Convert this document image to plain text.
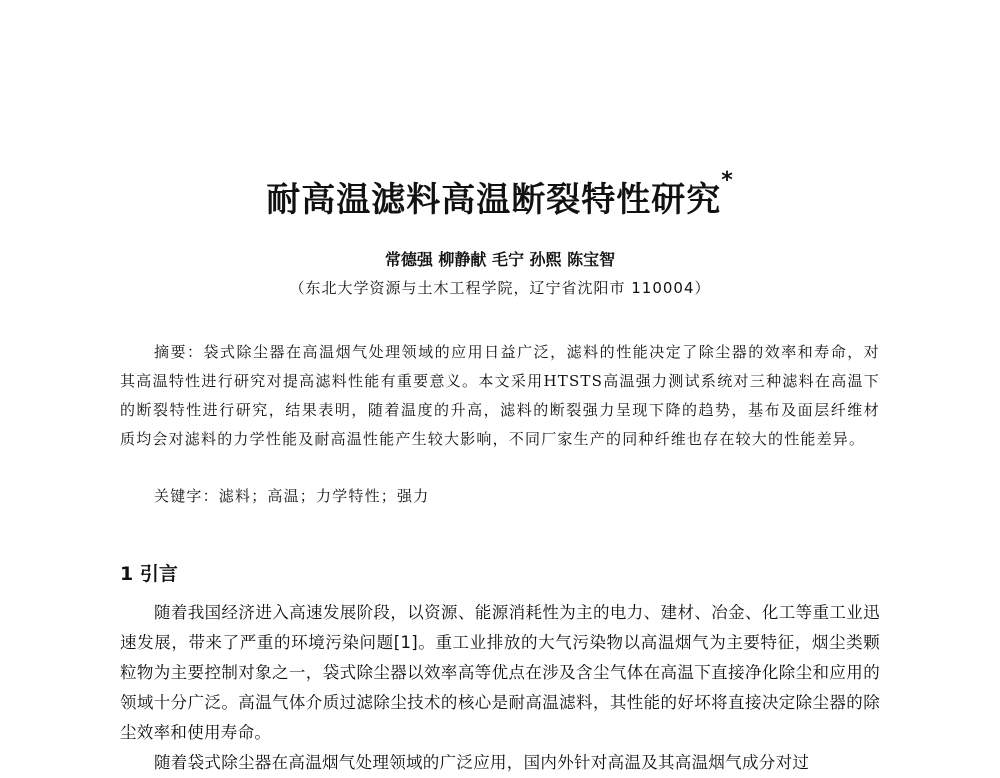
耐高温滤料高温断裂特性研究*
常德强 柳静献 毛宁 孙熙 陈宝智
（东北大学资源与土木工程学院，辽宁省沈阳市 110004）
摘要：袋式除尘器在高温烟气处理领域的应用日益广泛，滤料的性能决定了除尘器的效率和寿命，对其高温特性进行研究对提高滤料性能有重要意义。本文采用HTSTS高温强力测试系统对三种滤料在高温下的断裂特性进行研究，结果表明，随着温度的升高，滤料的断裂强力呈现下降的趋势，基布及面层纤维材质均会对滤料的力学性能及耐高温性能产生较大影响，不同厂家生产的同种纤维也存在较大的性能差异。
关键字：滤料；高温；力学特性；强力
1 引言

随着我国经济进入高速发展阶段，以资源、能源消耗性为主的电力、建材、冶金、化工等重工业迅速发展，带来了严重的环境污染问题[1]。重工业排放的大气污染物以高温烟气为主要特征，烟尘类颗粒物为主要控制对象之一，袋式除尘器以效率高等优点在涉及含尘气体在高温下直接净化除尘和应用的领域十分广泛。高温气体介质过滤除尘技术的核心是耐高温滤料，其性能的好坏将直接决定除尘器的除尘效率和使用寿命。

随着袋式除尘器在高温烟气处理领域的广泛应用，国内外针对高温及其高温烟气成分对过
